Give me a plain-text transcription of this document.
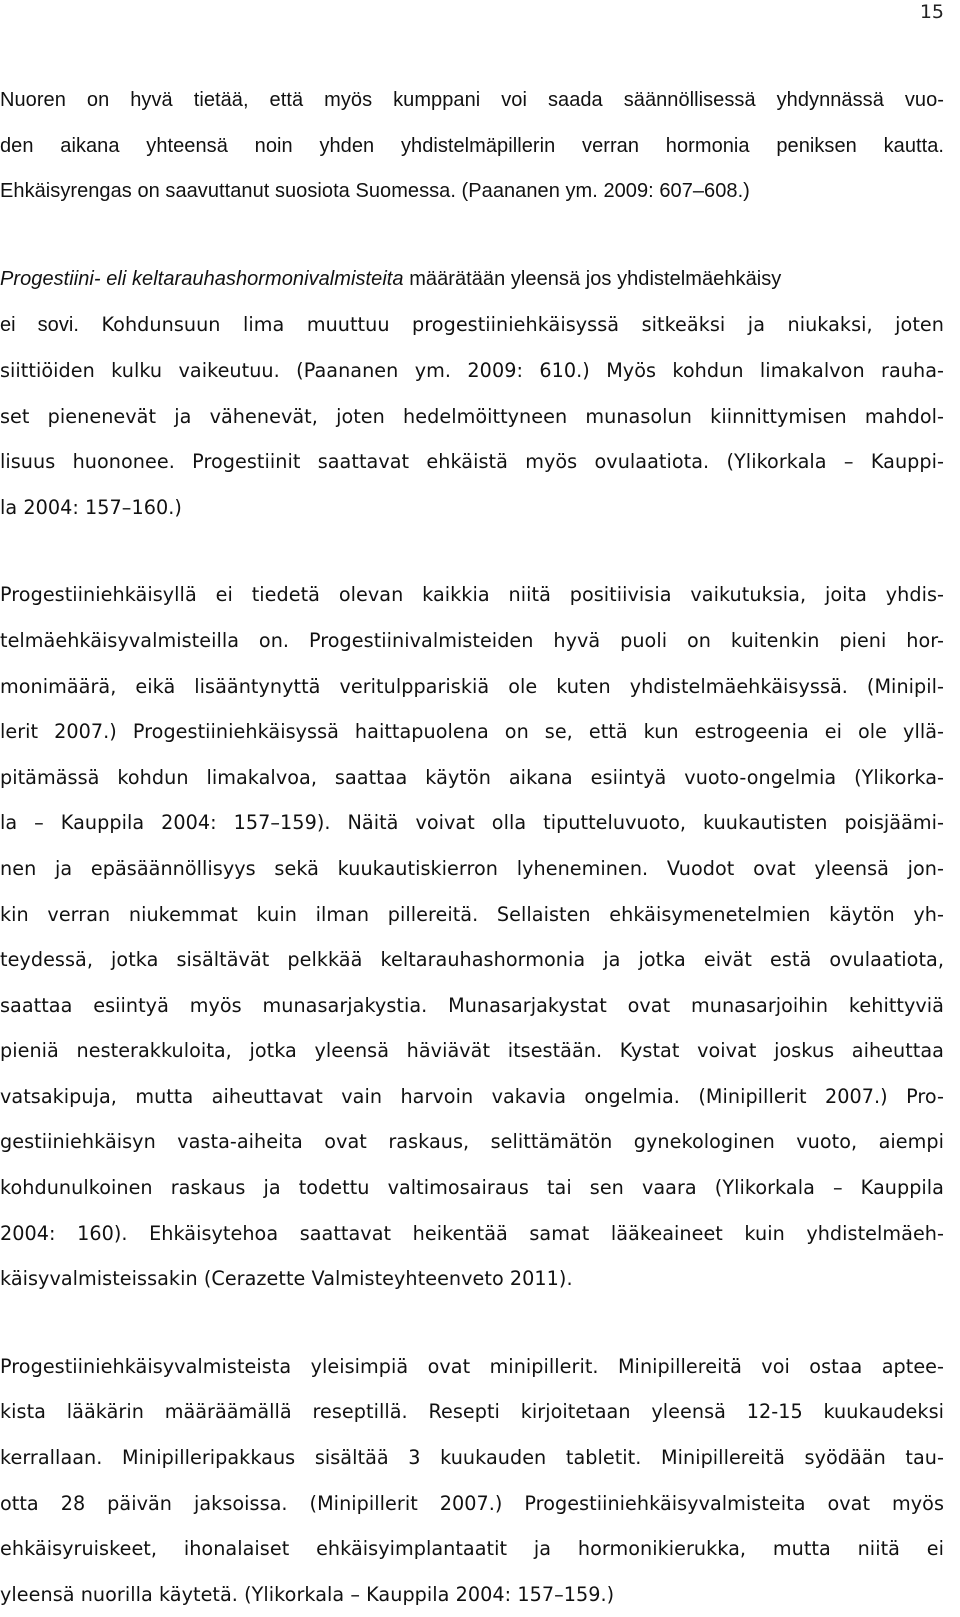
15
Nuoren on hyvä tietää, että myös kumppani voi saada säännöllisessä yhdynnässä vuo-
den aikana yhteensä noin yhden yhdistelmäpillerin verran hormonia peniksen kautta.
Ehkäisyrengas on saavuttanut suosiota Suomessa. (Paananen ym. 2009: 607–608.)
Progestiini- eli keltarauhashormonivalmisteita määrätään yleensä jos yhdistelmäehkäisy
ei sovi. Kohdunsuun lima muuttuu progestiiniehkäisyssä sitkeäksi ja niukaksi, joten
siittiöiden kulku vaikeutuu. (Paananen ym. 2009: 610.) Myös kohdun limakalvon rauha-
set pienenevät ja vähenevät, joten hedelmöittyneen munasolun kiinnittymisen mahdol-
lisuus huononee. Progestiinit saattavat ehkäistä myös ovulaatiota. (Ylikorkala – Kauppi-
la 2004: 157–160.)
Progestiiniehkäisyllä ei tiedetä olevan kaikkia niitä positiivisia vaikutuksia, joita yhdis-
telmäehkäisyvalmisteilla on. Progestiinivalmisteiden hyvä puoli on kuitenkin pieni hor-
monimäärä, eikä lisääntynyttä veritulppariskiä ole kuten yhdistelmäehkäisyssä. (Minipil-
lerit 2007.) Progestiiniehkäisyssä haittapuolena on se, että kun estrogeenia ei ole yllä-
pitämässä kohdun limakalvoa, saattaa käytön aikana esiintyä vuoto-ongelmia (Ylikorka-
la – Kauppila 2004: 157–159). Näitä voivat olla tiputteluvuoto, kuukautisten poisjäämi-
nen ja epäsäännöllisyys sekä kuukautiskierron lyheneminen. Vuodot ovat yleensä jon-
kin verran niukemmat kuin ilman pillereitä. Sellaisten ehkäisymenetelmien käytön yh-
teydessä, jotka sisältävät pelkkää keltarauhashormonia ja jotka eivät estä ovulaatiota,
saattaa esiintyä myös munasarjakystia. Munasarjakystat ovat munasarjoihin kehittyviä
pieniä nesterakkuloita, jotka yleensä häviävät itsestään. Kystat voivat joskus aiheuttaa
vatsakipuja, mutta aiheuttavat vain harvoin vakavia ongelmia. (Minipillerit 2007.) Pro-
gestiiniehkäisyn vasta-aiheita ovat raskaus, selittämätön gynekologinen vuoto, aiempi
kohdunulkoinen raskaus ja todettu valtimosairaus tai sen vaara (Ylikorkala – Kauppila
2004: 160). Ehkäisytehoa saattavat heikentää samat lääkeaineet kuin yhdistelmäeh-
käisyvalmisteissakin (Cerazette Valmisteyhteenveto 2011).
Progestiiniehkäisyvalmisteista yleisimpiä ovat minipillerit. Minipillereitä voi ostaa aptee-
kista lääkärin määräämällä reseptillä. Resepti kirjoitetaan yleensä 12-15 kuukaudeksi
kerrallaan. Minipilleripakkaus sisältää 3 kuukauden tabletit. Minipillereitä syödään tau-
otta 28 päivän jaksoissa. (Minipillerit 2007.) Progestiiniehkäisyvalmisteita ovat myös
ehkäisyruiskeet, ihonalaiset ehkäisyimplantaatit ja hormonikierukka, mutta niitä ei
yleensä nuorilla käytetä. (Ylikorkala – Kauppila 2004: 157–159.)
